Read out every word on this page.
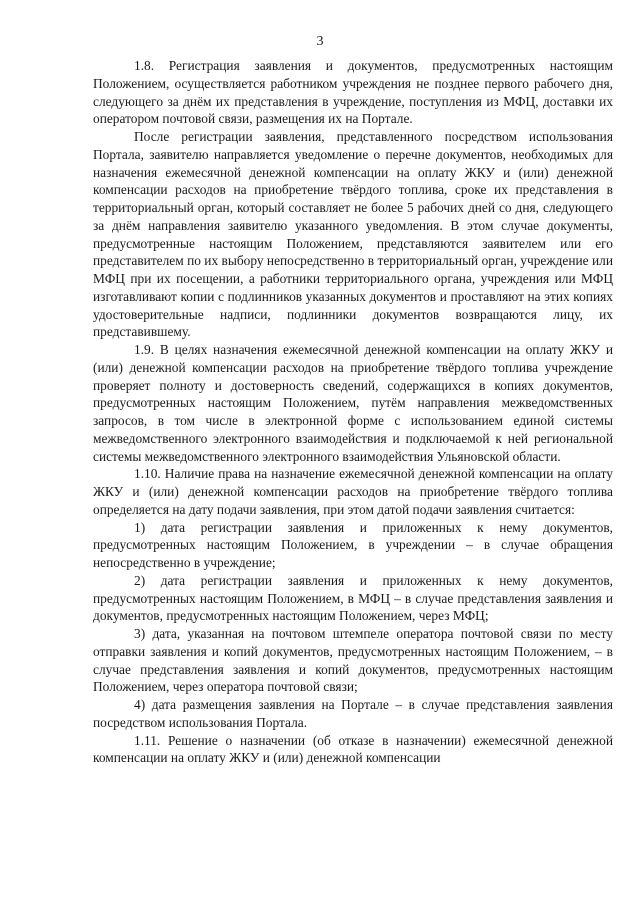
3

1.8. Регистрация заявления и документов, предусмотренных настоящим Положением, осуществляется работником учреждения не позднее первого рабочего дня, следующего за днём их представления в учреждение, поступления из МФЦ, доставки их оператором почтовой связи, размещения их на Портале.

После регистрации заявления, представленного посредством использования Портала, заявителю направляется уведомление о перечне документов, необходимых для назначения ежемесячной денежной компенсации на оплату ЖКУ и (или) денежной компенсации расходов на приобретение твёрдого топлива, сроке их представления в территориальный орган, который составляет не более 5 рабочих дней со дня, следующего за днём направления заявителю указанного уведомления. В этом случае документы, предусмотренные настоящим Положением, представляются заявителем или его представителем по их выбору непосредственно в территориальный орган, учреждение или МФЦ при их посещении, а работники территориального органа, учреждения или МФЦ изготавливают копии с подлинников указанных документов и проставляют на этих копиях удостоверительные надписи, подлинники документов возвращаются лицу, их представившему.

1.9. В целях назначения ежемесячной денежной компенсации на оплату ЖКУ и (или) денежной компенсации расходов на приобретение твёрдого топлива учреждение проверяет полноту и достоверность сведений, содержащихся в копиях документов, предусмотренных настоящим Положением, путём направления межведомственных запросов, в том числе в электронной форме с использованием единой системы межведомственного электронного взаимодействия и подключаемой к ней региональной системы межведомственного электронного взаимодействия Ульяновской области.

1.10. Наличие права на назначение ежемесячной денежной компенсации на оплату ЖКУ и (или) денежной компенсации расходов на приобретение твёрдого топлива определяется на дату подачи заявления, при этом датой подачи заявления считается:

1) дата регистрации заявления и приложенных к нему документов, предусмотренных настоящим Положением, в учреждении – в случае обращения непосредственно в учреждение;

2) дата регистрации заявления и приложенных к нему документов, предусмотренных настоящим Положением, в МФЦ – в случае представления заявления и документов, предусмотренных настоящим Положением, через МФЦ;

3) дата, указанная на почтовом штемпеле оператора почтовой связи по месту отправки заявления и копий документов, предусмотренных настоящим Положением, – в случае представления заявления и копий документов, предусмотренных настоящим Положением, через оператора почтовой связи;

4) дата размещения заявления на Портале – в случае представления заявления посредством использования Портала.

1.11. Решение о назначении (об отказе в назначении) ежемесячной денежной компенсации на оплату ЖКУ и (или) денежной компенсации
